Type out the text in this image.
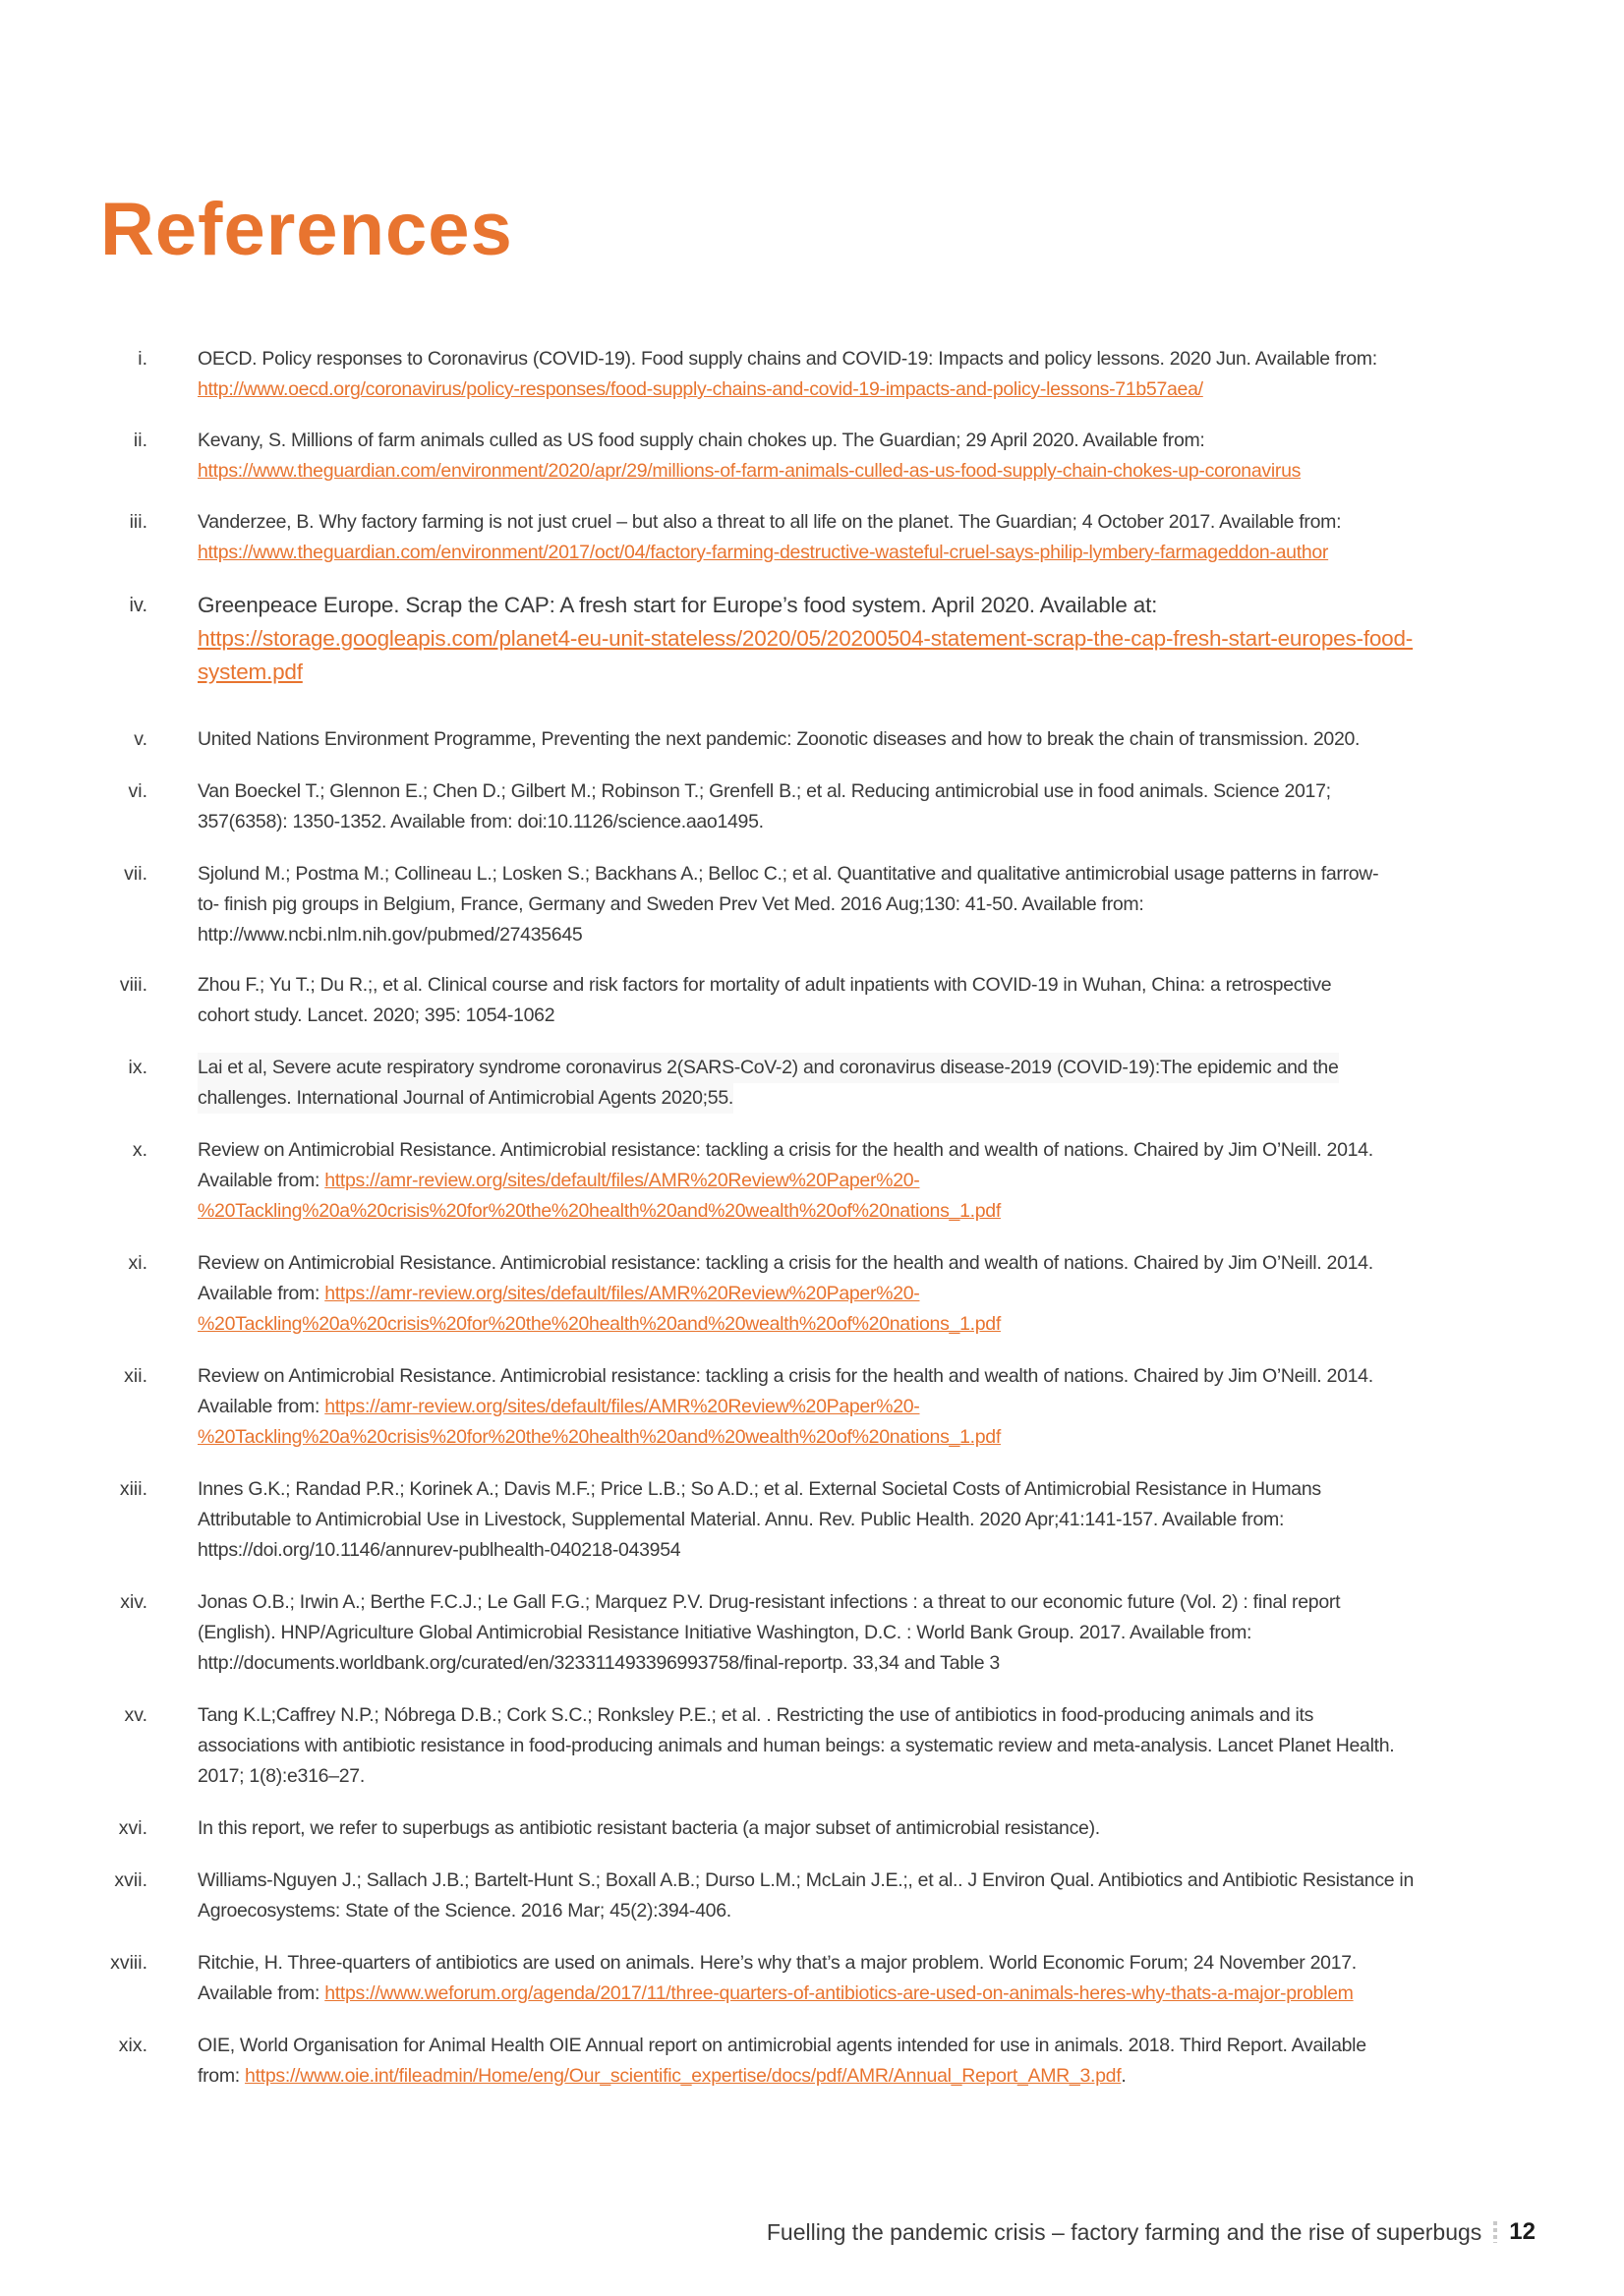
References
i.	OECD. Policy responses to Coronavirus (COVID-19). Food supply chains and COVID-19: Impacts and policy lessons. 2020 Jun. Available from:
http://www.oecd.org/coronavirus/policy-responses/food-supply-chains-and-covid-19-impacts-and-policy-lessons-71b57aea/
ii.	Kevany, S. Millions of farm animals culled as US food supply chain chokes up. The Guardian; 29 April 2020. Available from:
https://www.theguardian.com/environment/2020/apr/29/millions-of-farm-animals-culled-as-us-food-supply-chain-chokes-up-coronavirus
iii.	Vanderzee, B. Why factory farming is not just cruel – but also a threat to all life on the planet. The Guardian; 4 October 2017. Available from:
https://www.theguardian.com/environment/2017/oct/04/factory-farming-destructive-wasteful-cruel-says-philip-lymbery-farmageddon-author
iv. Greenpeace Europe. Scrap the CAP: A fresh start for Europe’s food system. April 2020. Available at:
https://storage.googleapis.com/planet4-eu-unit-stateless/2020/05/20200504-statement-scrap-the-cap-fresh-start-europes-food-
system.pdf
v.	United Nations Environment Programme, Preventing the next pandemic: Zoonotic diseases and how to break the chain of transmission. 2020.
vi.	Van Boeckel T.; Glennon E.; Chen D.; Gilbert M.; Robinson T.; Grenfell B.; et al. Reducing antimicrobial use in food animals. Science 2017;
357(6358): 1350-1352. Available from: doi:10.1126/science.aao1495.
vii.	Sjolund M.; Postma M.; Collineau L.; Losken S.; Backhans A.; Belloc C.; et al. Quantitative and qualitative antimicrobial usage patterns in farrow-
to- finish pig groups in Belgium, France, Germany and Sweden Prev Vet Med. 2016 Aug;130: 41-50. Available from:
http://www.ncbi.nlm.nih.gov/pubmed/27435645
viii.	Zhou F.; Yu T.; Du R.;, et al. Clinical course and risk factors for mortality of adult inpatients with COVID-19 in Wuhan, China: a retrospective
cohort study. Lancet. 2020; 395: 1054-1062
ix.	Lai et al, Severe acute respiratory syndrome coronavirus 2(SARS-CoV-2) and coronavirus disease-2019 (COVID-19):The epidemic and the
challenges. International Journal of Antimicrobial Agents 2020;55.
x.	Review on Antimicrobial Resistance. Antimicrobial resistance: tackling a crisis for the health and wealth of nations. Chaired by Jim O’Neill. 2014.
Available from: https://amr-review.org/sites/default/files/AMR%20Review%20Paper%20-
%20Tackling%20a%20crisis%20for%20the%20health%20and%20wealth%20of%20nations_1.pdf
xi.	Review on Antimicrobial Resistance. Antimicrobial resistance: tackling a crisis for the health and wealth of nations. Chaired by Jim O’Neill. 2014.
Available from: https://amr-review.org/sites/default/files/AMR%20Review%20Paper%20-
%20Tackling%20a%20crisis%20for%20the%20health%20and%20wealth%20of%20nations_1.pdf
xii.	Review on Antimicrobial Resistance. Antimicrobial resistance: tackling a crisis for the health and wealth of nations. Chaired by Jim O’Neill. 2014.
Available from: https://amr-review.org/sites/default/files/AMR%20Review%20Paper%20-
%20Tackling%20a%20crisis%20for%20the%20health%20and%20wealth%20of%20nations_1.pdf
xiii.	Innes G.K.; Randad P.R.; Korinek A.; Davis M.F.; Price L.B.; So A.D.; et al. External Societal Costs of Antimicrobial Resistance in Humans
Attributable to Antimicrobial Use in Livestock, Supplemental Material. Annu. Rev. Public Health. 2020 Apr;41:141-157. Available from:
https://doi.org/10.1146/annurev-publhealth-040218-043954
xiv.	Jonas O.B.; Irwin A.; Berthe F.C.J.; Le Gall F.G.; Marquez P.V. Drug-resistant infections : a threat to our economic future (Vol. 2) : final report
(English). HNP/Agriculture Global Antimicrobial Resistance Initiative Washington, D.C. : World Bank Group. 2017. Available from:
http://documents.worldbank.org/curated/en/323311493396993758/final-reportp. 33,34 and Table 3
xv.	Tang K.L;Caffrey N.P.; Nóbrega D.B.; Cork S.C.; Ronksley P.E.; et al. . Restricting the use of antibiotics in food-producing animals and its
associations with antibiotic resistance in food-producing animals and human beings: a systematic review and meta-analysis. Lancet Planet Health.
2017; 1(8):e316–27.
xvi.	In this report, we refer to superbugs as antibiotic resistant bacteria (a major subset of antimicrobial resistance).
xvii.	Williams-Nguyen J.; Sallach J.B.; Bartelt-Hunt S.; Boxall A.B.; Durso L.M.; McLain J.E.;, et al.. J Environ Qual. Antibiotics and Antibiotic Resistance in
Agroecosystems: State of the Science. 2016 Mar; 45(2):394-406.
xviii.	Ritchie, H. Three-quarters of antibiotics are used on animals. Here’s why that’s a major problem. World Economic Forum; 24 November 2017.
Available from: https://www.weforum.org/agenda/2017/11/three-quarters-of-antibiotics-are-used-on-animals-heres-why-thats-a-major-problem
xix.	OIE, World Organisation for Animal Health OIE Annual report on antimicrobial agents intended for use in animals. 2018. Third Report. Available
from: https://www.oie.int/fileadmin/Home/eng/Our_scientific_expertise/docs/pdf/AMR/Annual_Report_AMR_3.pdf.
Fuelling the pandemic crisis – factory farming and the rise of superbugs 12
